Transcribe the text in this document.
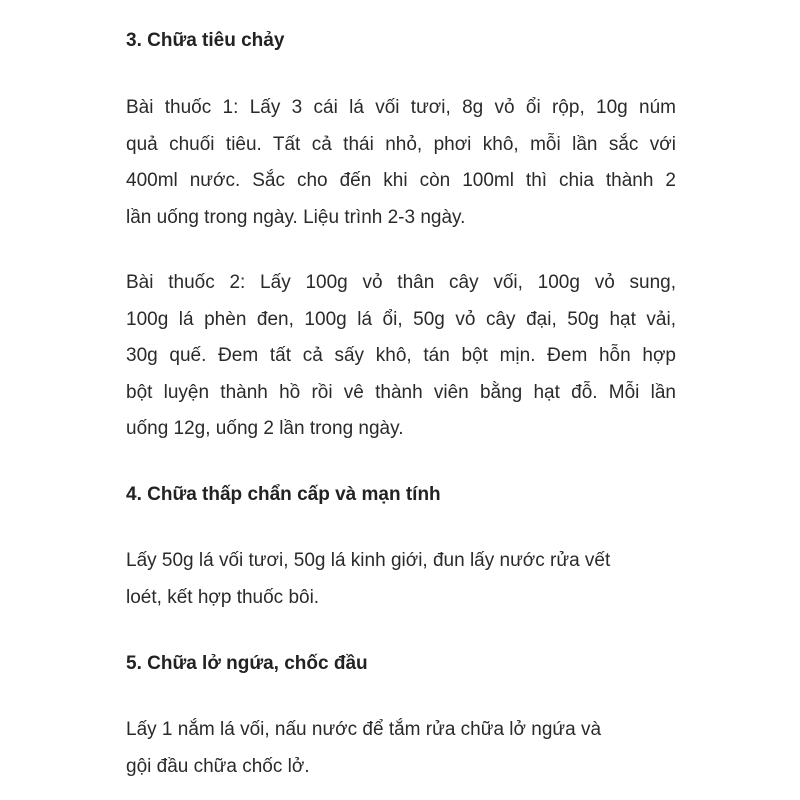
3. Chữa tiêu chảy
Bài thuốc 1: Lấy 3 cái lá vối tươi, 8g vỏ ổi rộp, 10g núm
quả chuối tiêu. Tất cả thái nhỏ, phơi khô, mỗi lần sắc với
400ml nước. Sắc cho đến khi còn 100ml thì chia thành 2
lần uống trong ngày. Liệu trình 2-3 ngày.
Bài thuốc 2: Lấy 100g vỏ thân cây vối, 100g vỏ sung,
100g lá phèn đen, 100g lá ổi, 50g vỏ cây đại, 50g hạt vải,
30g quế. Đem tất cả sấy khô, tán bột mịn. Đem hỗn hợp
bột luyện thành hồ rồi vê thành viên bằng hạt đỗ. Mỗi lần
uống 12g, uống 2 lần trong ngày.
4. Chữa thấp chẩn cấp và mạn tính
Lấy 50g lá vối tươi, 50g lá kinh giới, đun lấy nước rửa vết
loét, kết hợp thuốc bôi.
5. Chữa lở ngứa, chốc đầu
Lấy 1 nắm lá vối, nấu nước để tắm rửa chữa lở ngứa và
gội đầu chữa chốc lở.
